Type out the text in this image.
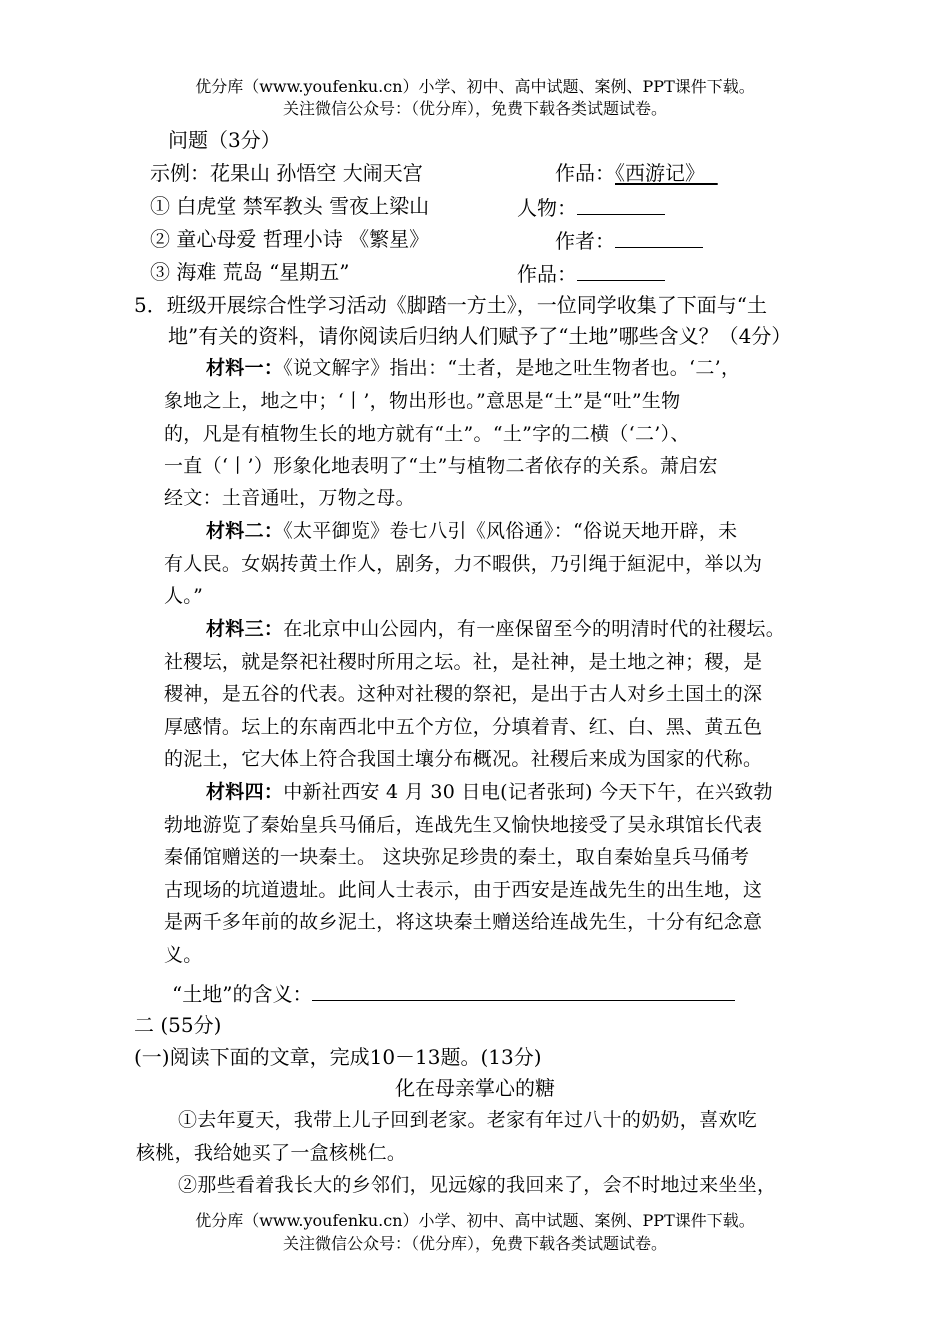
优分库（www.youfenku.cn）小学、初中、高中试题、案例、PPT课件下载。
关注微信公众号：（优分库），免费下载各类试题试卷。
问题（3分）
示例：花果山 孙悟空 大闹天宫	作品：《西游记》
① 白虎堂 禁军教头 雪夜上梁山	人物：
② 童心母爱 哲理小诗 《繁星》	作者：
③ 海难 荒岛 “星期五”	作品：
5．班级开展综合性学习活动《脚踏一方土》，一位同学收集了下面与“土
地”有关的资料，请你阅读后归纳人们赋予了“土地”哪些含义？（4分）
材料一：《说文解字》指出：“土者，是地之吐生物者也。‘二’，
象地之上，地之中；‘丨’，物出形也。”意思是“土”是“吐”生物
的，凡是有植物生长的地方就有“土”。“土”字的二横（‘二’）、
一直（‘丨’）形象化地表明了“土”与植物二者依存的关系。萧启宏
经文：土音通吐，万物之母。
材料二：《太平御览》卷七八引《风俗通》：“俗说天地开辟，未
有人民。女娲抟黄土作人，剧务，力不暇供，乃引绳于絙泥中，举以为
人。”
材料三：在北京中山公园内，有一座保留至今的明清时代的社稷坛。
社稷坛，就是祭祀社稷时所用之坛。社，是社神，是土地之神；稷，是
稷神，是五谷的代表。这种对社稷的祭祀，是出于古人对乡土国土的深
厚感情。坛上的东南西北中五个方位，分填着青、红、白、黑、黄五色
的泥土，它大体上符合我国土壤分布概况。社稷后来成为国家的代称。
材料四：中新社西安 4 月 30 日电(记者张珂) 今天下午，在兴致勃
勃地游览了秦始皇兵马俑后，连战先生又愉快地接受了吴永琪馆长代表
秦俑馆赠送的一块秦土。 这块弥足珍贵的秦土，取自秦始皇兵马俑考
古现场的坑道遗址。此间人士表示，由于西安是连战先生的出生地，这
是两千多年前的故乡泥土，将这块秦土赠送给连战先生，十分有纪念意
义。
“土地”的含义：
二 (55分)
(一)阅读下面的文章，完成10－13题。(13分)
化在母亲掌心的糖
①去年夏天，我带上儿子回到老家。老家有年过八十的奶奶，喜欢吃
核桃，我给她买了一盒核桃仁。
②那些看着我长大的乡邻们，见远嫁的我回来了，会不时地过来坐坐，
优分库（www.youfenku.cn）小学、初中、高中试题、案例、PPT课件下载。
关注微信公众号：（优分库），免费下载各类试题试卷。
